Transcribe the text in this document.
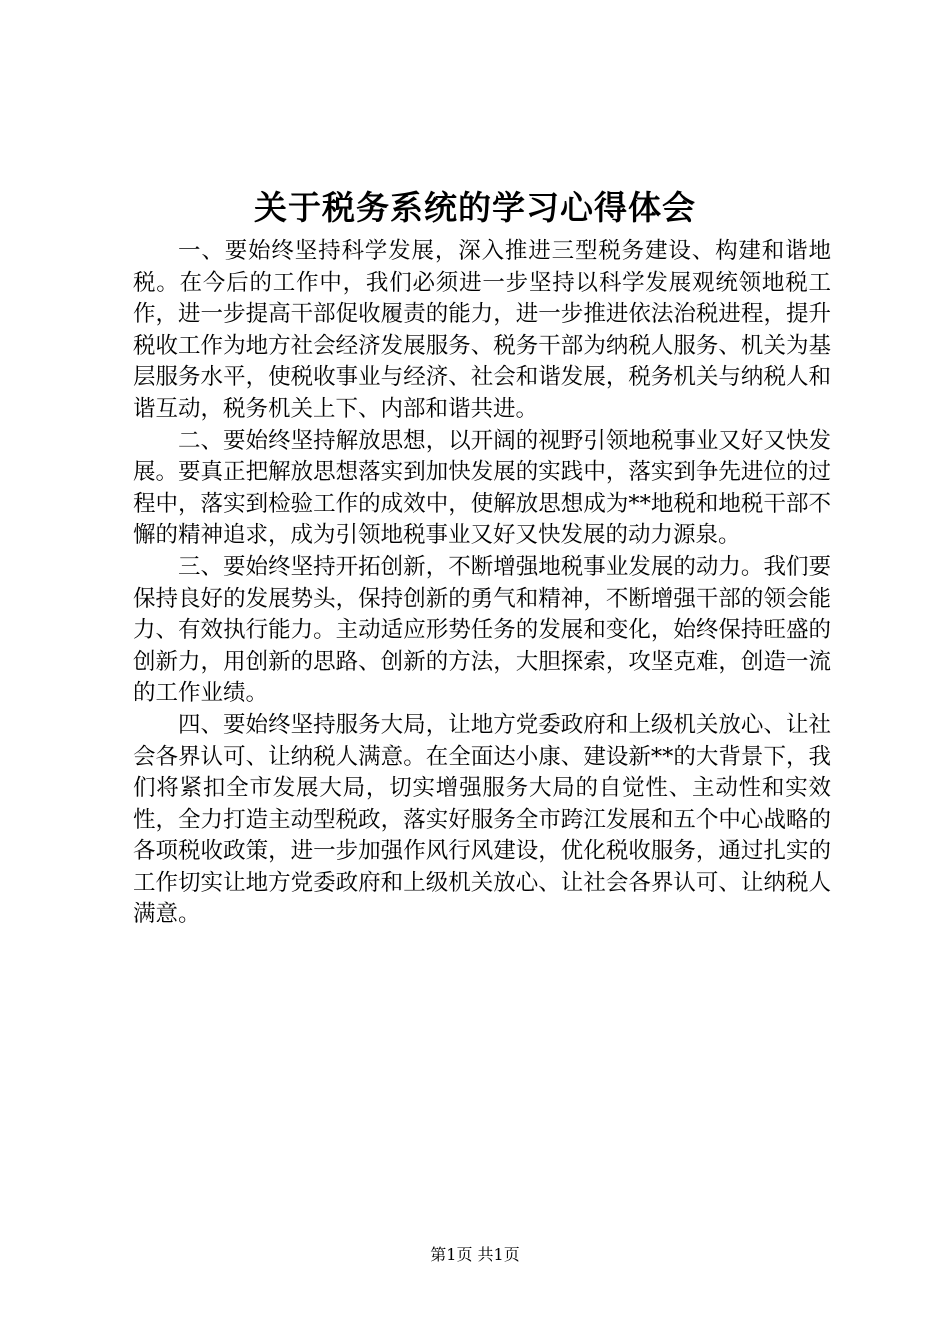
关于税务系统的学习心得体会

一、要始终坚持科学发展，深入推进三型税务建设、构建和谐地税。在今后的工作中，我们必须进一步坚持以科学发展观统领地税工作，进一步提高干部促收履责的能力，进一步推进依法治税进程，提升税收工作为地方社会经济发展服务、税务干部为纳税人服务、机关为基层服务水平，使税收事业与经济、社会和谐发展，税务机关与纳税人和谐互动，税务机关上下、内部和谐共进。

二、要始终坚持解放思想，以开阔的视野引领地税事业又好又快发展。要真正把解放思想落实到加快发展的实践中，落实到争先进位的过程中，落实到检验工作的成效中，使解放思想成为**地税和地税干部不懈的精神追求，成为引领地税事业又好又快发展的动力源泉。

三、要始终坚持开拓创新，不断增强地税事业发展的动力。我们要保持良好的发展势头，保持创新的勇气和精神，不断增强干部的领会能力、有效执行能力。主动适应形势任务的发展和变化，始终保持旺盛的创新力，用创新的思路、创新的方法，大胆探索，攻坚克难，创造一流的工作业绩。

四、要始终坚持服务大局，让地方党委政府和上级机关放心、让社会各界认可、让纳税人满意。在全面达小康、建设新**的大背景下，我们将紧扣全市发展大局，切实增强服务大局的自觉性、主动性和实效性，全力打造主动型税政，落实好服务全市跨江发展和五个中心战略的各项税收政策，进一步加强作风行风建设，优化税收服务，通过扎实的工作切实让地方党委政府和上级机关放心、让社会各界认可、让纳税人满意。

第1页 共1页
